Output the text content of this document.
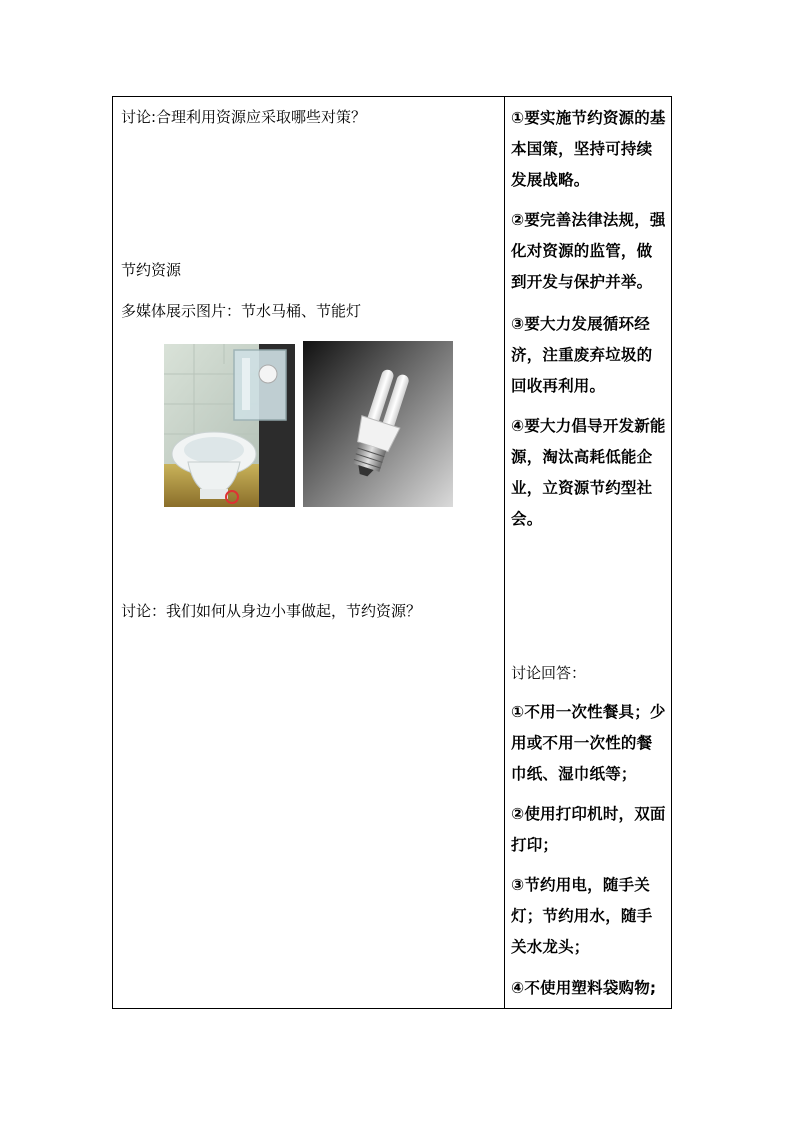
讨论:合理利用资源应采取哪些对策？
节约资源
多媒体展示图片：节水马桶、节能灯
讨论：我们如何从身边小事做起，节约资源？
①要实施节约资源的基本国策，坚持可持续发展战略。
②要完善法律法规，强化对资源的监管，做到开发与保护并举。
③要大力发展循环经济，注重废弃垃圾的回收再利用。
④要大力倡导开发新能源，淘汰高耗低能企业，立资源节约型社会。
讨论回答：
①不用一次性餐具；少用或不用一次性的餐巾纸、湿巾纸等；
②使用打印机时，双面打印；
③节约用电，随手关灯；节约用水，随手关水龙头；
④不使用塑料袋购物;
